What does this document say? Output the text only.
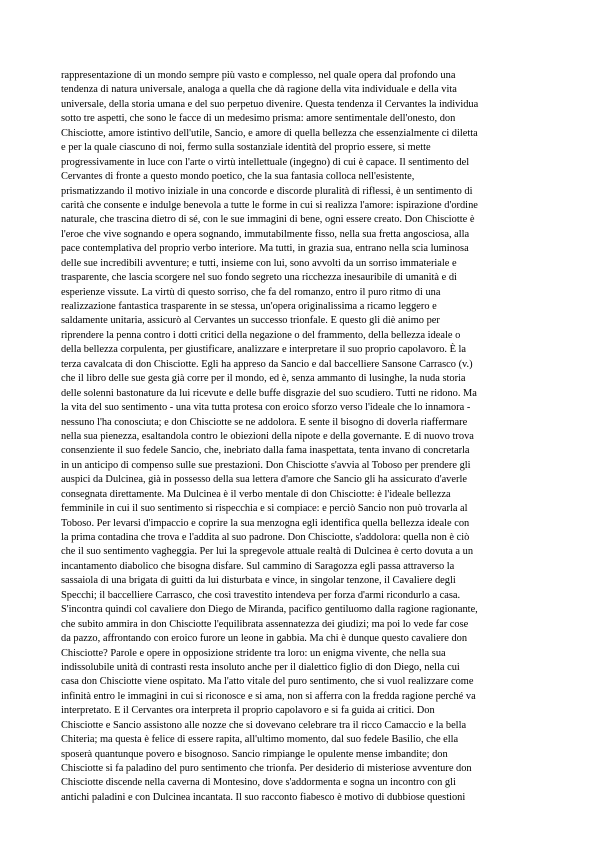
rappresentazione di un mondo sempre più vasto e complesso, nel quale opera dal profondo una
tendenza di natura universale, analoga a quella che dà ragione della vita individuale e della vita
universale, della storia umana e del suo perpetuo divenire. Questa tendenza il Cervantes la individua
sotto tre aspetti, che sono le facce di un medesimo prisma: amore sentimentale dell'onesto, don
Chisciotte, amore istintivo dell'utile, Sancio, e amore di quella bellezza che essenzialmente ci diletta
e per la quale ciascuno di noi, fermo sulla sostanziale identità del proprio essere, si mette
progressivamente in luce con l'arte o virtù intellettuale (ingegno) di cui è capace. Il sentimento del
Cervantes di fronte a questo mondo poetico, che la sua fantasia colloca nell'esistente,
prismatizzando il motivo iniziale in una concorde e discorde pluralità di riflessi, è un sentimento di
carità che consente e indulge benevola a tutte le forme in cui si realizza l'amore: ispirazione d'ordine
naturale, che trascina dietro di sé, con le sue immagini di bene, ogni essere creato. Don Chisciotte è
l'eroe che vive sognando e opera sognando, immutabilmente fisso, nella sua fretta angosciosa, alla
pace contemplativa del proprio verbo interiore. Ma tutti, in grazia sua, entrano nella scia luminosa
delle sue incredibili avventure; e tutti, insieme con lui, sono avvolti da un sorriso immateriale e
trasparente, che lascia scorgere nel suo fondo segreto una ricchezza inesauribile di umanità e di
esperienze vissute. La virtù di questo sorriso, che fa del romanzo, entro il puro ritmo di una
realizzazione fantastica trasparente in se stessa, un'opera originalissima a ricamo leggero e
saldamente unitaria, assicurò al Cervantes un successo trionfale. E questo gli diè animo per
riprendere la penna contro i dotti critici della negazione o del frammento, della bellezza ideale o
della bellezza corpulenta, per giustificare, analizzare e interpretare il suo proprio capolavoro. È la
terza cavalcata di don Chisciotte. Egli ha appreso da Sancio e dal baccelliere Sansone Carrasco (v.)
che il libro delle sue gesta già corre per il mondo, ed è, senza ammanto di lusinghe, la nuda storia
delle solenni bastonature da lui ricevute e delle buffe disgrazie del suo scudiero. Tutti ne ridono. Ma
la vita del suo sentimento - una vita tutta protesa con eroico sforzo verso l'ideale che lo innamora -
nessuno l'ha conosciuta; e don Chisciotte se ne addolora. E sente il bisogno di doverla riaffermare
nella sua pienezza, esaltandola contro le obiezioni della nipote e della governante. E di nuovo trova
consenziente il suo fedele Sancio, che, inebriato dalla fama inaspettata, tenta invano di concretarla
in un anticipo di compenso sulle sue prestazioni. Don Chisciotte s'avvia al Toboso per prendere gli
auspici da Dulcinea, già in possesso della sua lettera d'amore che Sancio gli ha assicurato d'averle
consegnata direttamente. Ma Dulcinea è il verbo mentale di don Chisciotte: è l'ideale bellezza
femminile in cui il suo sentimento si rispecchia e si compiace: e perciò Sancio non può trovarla al
Toboso. Per levarsi d'impaccio e coprire la sua menzogna egli identifica quella bellezza ideale con
la prima contadina che trova e l'addita al suo padrone. Don Chisciotte, s'addolora: quella non è ciò
che il suo sentimento vagheggia. Per lui la spregevole attuale realtà di Dulcinea è certo dovuta a un
incantamento diabolico che bisogna disfare. Sul cammino di Saragozza egli passa attraverso la
sassaiola di una brigata di guitti da lui disturbata e vince, in singolar tenzone, il Cavaliere degli
Specchi; il baccelliere Carrasco, che così travestito intendeva per forza d'armi ricondurlo a casa.
S'incontra quindi col cavaliere don Diego de Miranda, pacifico gentiluomo dalla ragione ragionante,
che subito ammira in don Chisciotte l'equilibrata assennatezza dei giudizi; ma poi lo vede far cose
da pazzo, affrontando con eroico furore un leone in gabbia. Ma chi è dunque questo cavaliere don
Chisciotte? Parole e opere in opposizione stridente tra loro: un enigma vivente, che nella sua
indissolubile unità di contrasti resta insoluto anche per il dialettico figlio di don Diego, nella cui
casa don Chisciotte viene ospitato. Ma l'atto vitale del puro sentimento, che si vuol realizzare come
infinità entro le immagini in cui si riconosce e si ama, non si afferra con la fredda ragione perché va
interpretato. E il Cervantes ora interpreta il proprio capolavoro e si fa guida ai critici. Don
Chisciotte e Sancio assistono alle nozze che si dovevano celebrare tra il ricco Camaccio e la bella
Chiteria; ma questa è felice di essere rapita, all'ultimo momento, dal suo fedele Basilio, che ella
sposerà quantunque povero e bisognoso. Sancio rimpiange le opulente mense imbandite; don
Chisciotte si fa paladino del puro sentimento che trionfa. Per desiderio di misteriose avventure don
Chisciotte discende nella caverna di Montesino, dove s'addormenta e sogna un incontro con gli
antichi paladini e con Dulcinea incantata. Il suo racconto fiabesco è motivo di dubbiose questioni
